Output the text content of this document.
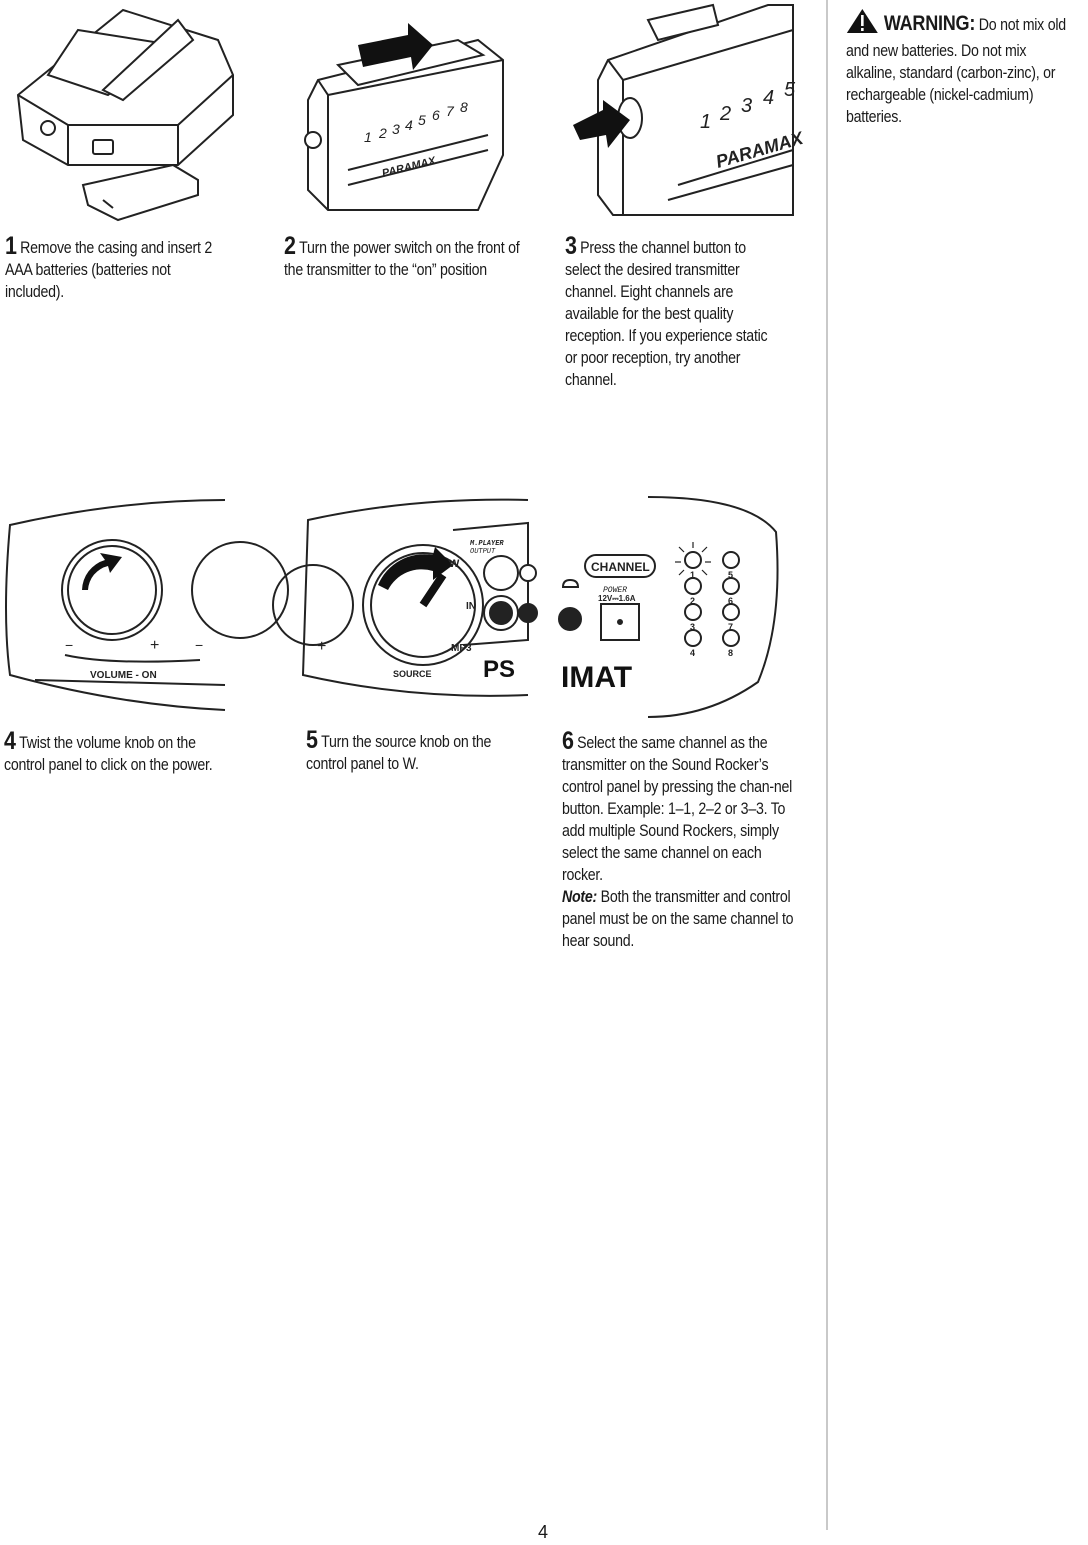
1 2 3 4 5 6 7 8
PARAMAX
1 2 3 4 5
PARAMAX
1 Remove the casing and insert 2 AAA batteries (batteries not included).
2 Turn the power switch on the front of the transmitter to the “on” position
3 Press the channel button to select the desired transmitter channel. Eight channels are available for the best quality reception. If you experience static or poor reception, try another channel.
−	+	−
VOLUME - ON
M.PLAYER
OUTPUT
W
IN
MP3
SOURCE
+
PS
CHANNEL
POWER
12V⎓1.6A
1	5
2	6
3	7
4	8
IMAT
4 Twist the volume knob on the control panel to click on the power.
5 Turn the source knob on the control panel to W.
6 Select the same channel as the transmitter on the Sound Rocker’s control panel by pressing the chan-nel button. Example: 1–1, 2–2 or 3–3. To add multiple Sound Rockers, simply select the same channel on each rocker.
Note: Both the transmitter and control panel must be on the same channel to hear sound.
WARNING: Do not mix old and new batteries. Do not mix alkaline, standard (carbon-zinc), or rechargeable (nickel-cadmium) batteries.
4
